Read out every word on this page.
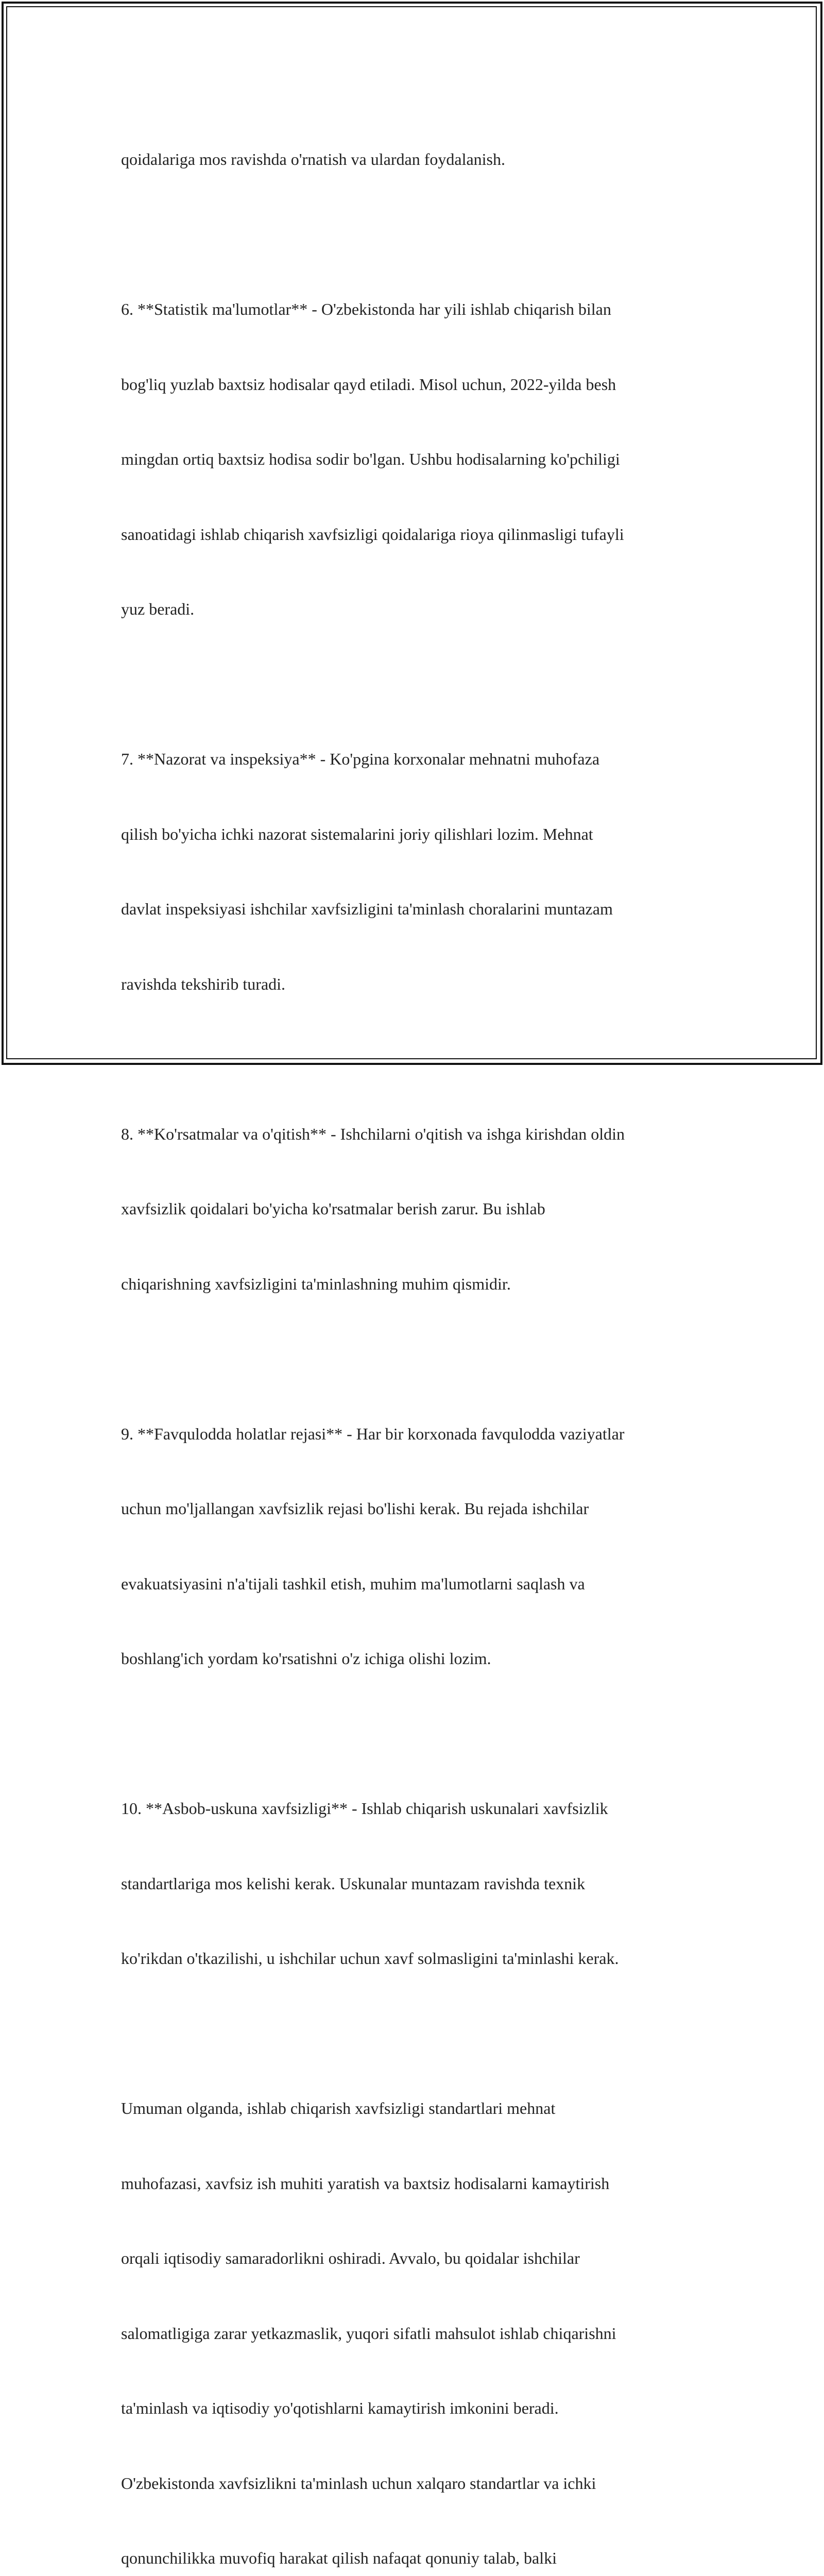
qoidalariga mos ravishda o'rnatish va ulardan foydalanish.

6. **Statistik ma'lumotlar** - O'zbekistonda har yili ishlab chiqarish bilan

bog'liq yuzlab baxtsiz hodisalar qayd etiladi. Misol uchun, 2022-yilda besh

mingdan ortiq baxtsiz hodisa sodir bo'lgan. Ushbu hodisalarning ko'pchiligi

sanoatidagi ishlab chiqarish xavfsizligi qoidalariga rioya qilinmasligi tufayli

yuz beradi.

7. **Nazorat va inspeksiya** - Ko'pgina korxonalar mehnatni muhofaza

qilish bo'yicha ichki nazorat sistemalarini joriy qilishlari lozim. Mehnat

davlat inspeksiyasi ishchilar xavfsizligini ta'minlash choralarini muntazam

ravishda tekshirib turadi.

8. **Ko'rsatmalar va o'qitish** - Ishchilarni o'qitish va ishga kirishdan oldin

xavfsizlik qoidalari bo'yicha ko'rsatmalar berish zarur. Bu ishlab

chiqarishning xavfsizligini ta'minlashning muhim qismidir.

9. **Favqulodda holatlar rejasi** - Har bir korxonada favqulodda vaziyatlar

uchun mo'ljallangan xavfsizlik rejasi bo'lishi kerak. Bu rejada ishchilar

evakuatsiyasini n'a'tijali tashkil etish, muhim ma'lumotlarni saqlash va

boshlang'ich yordam ko'rsatishni o'z ichiga olishi lozim.

10. **Asbob-uskuna xavfsizligi** - Ishlab chiqarish uskunalari xavfsizlik

standartlariga mos kelishi kerak. Uskunalar muntazam ravishda texnik

ko'rikdan o'tkazilishi, u ishchilar uchun xavf solmasligini ta'minlashi kerak.

Umuman olganda, ishlab chiqarish xavfsizligi standartlari mehnat

muhofazasi, xavfsiz ish muhiti yaratish va baxtsiz hodisalarni kamaytirish

orqali iqtisodiy samaradorlikni oshiradi. Avvalo, bu qoidalar ishchilar

salomatligiga zarar yetkazmaslik, yuqori sifatli mahsulot ishlab chiqarishni

ta'minlash va iqtisodiy yo'qotishlarni kamaytirish imkonini beradi.

O'zbekistonda xavfsizlikni ta'minlash uchun xalqaro standartlar va ichki

qonunchilikka muvofiq harakat qilish nafaqat qonuniy talab, balki
